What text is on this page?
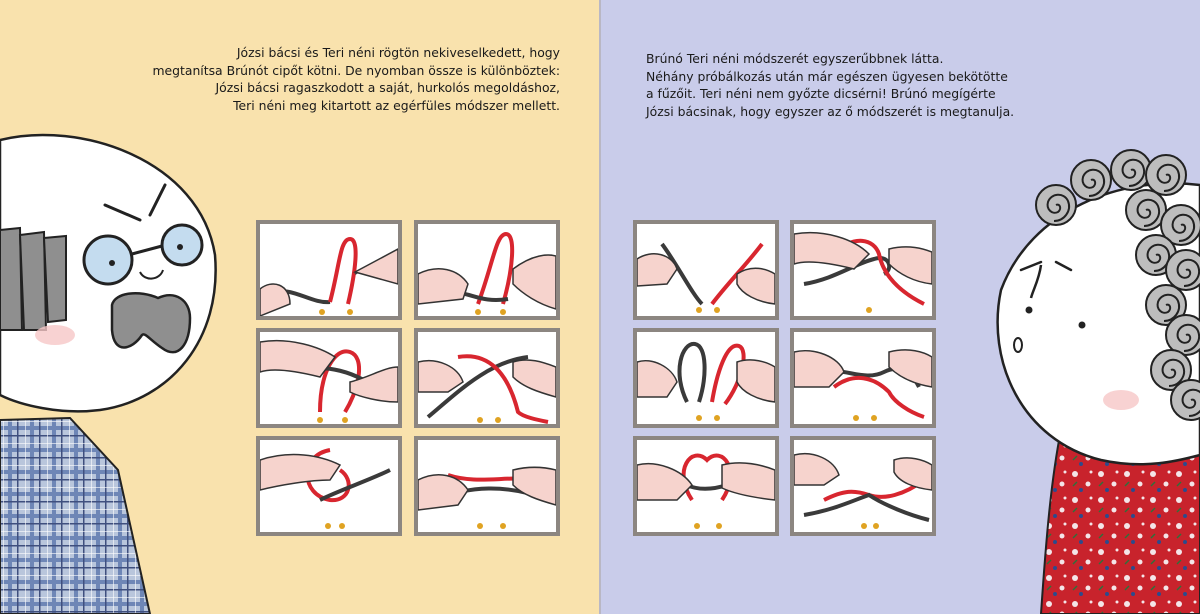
Józsi bácsi és Teri néni rögtön nekiveselkedett, hogy
megtanítsa Brúnót cipőt kötni. De nyomban össze is különböztek:
Józsi bácsi ragaszkodott a saját, hurkolós megoldáshoz,
Teri néni meg kitartott az egérfüles módszer mellett.
Brúnó Teri néni módszerét egyszerűbbnek látta.
Néhány próbálkozás után már egészen ügyesen bekötötte
a fűzőit. Teri néni nem győzte dicsérni! Brúnó megígérte
Józsi bácsinak, hogy egyszer az ő módszerét is megtanulja.
